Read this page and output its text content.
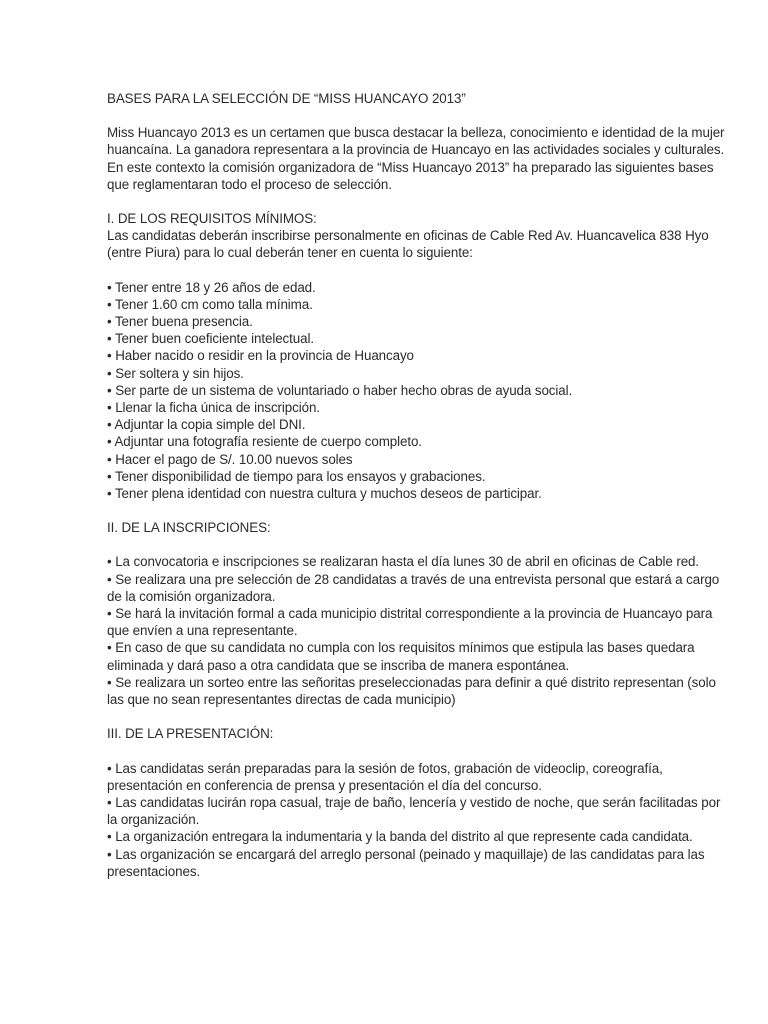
BASES PARA LA SELECCIÓN DE “MISS HUANCAYO 2013”

Miss Huancayo 2013 es un certamen que busca destacar la belleza, conocimiento e identidad de la mujer huancaína. La ganadora representara a la provincia de Huancayo en las actividades sociales y culturales. En este contexto la comisión organizadora de “Miss Huancayo 2013” ha preparado las siguientes bases que reglamentaran todo el proceso de selección.

I. DE LOS REQUISITOS MÍNIMOS:

Las candidatas deberán inscribirse personalmente en oficinas de Cable Red Av. Huancavelica 838 Hyo (entre Piura) para lo cual deberán tener en cuenta lo siguiente:

• Tener entre 18 y 26 años de edad.
• Tener 1.60 cm como talla mínima.
• Tener buena presencia.
• Tener buen coeficiente intelectual.
• Haber nacido o residir en la provincia de Huancayo
• Ser soltera y sin hijos.
• Ser parte de un sistema de voluntariado o haber hecho obras de ayuda social.
• Llenar la ficha única de inscripción.
• Adjuntar la copia simple del DNI.
• Adjuntar una fotografía resiente de cuerpo completo.
• Hacer el pago de S/. 10.00 nuevos soles
• Tener disponibilidad de tiempo para los ensayos y grabaciones.
• Tener plena identidad con nuestra cultura y muchos deseos de participar.
II. DE LA INSCRIPCIONES:
• La convocatoria e inscripciones se realizaran hasta el día lunes 30 de abril en oficinas de Cable red.
• Se realizara una pre selección de 28 candidatas a través de una entrevista personal que estará a cargo de la comisión organizadora.
• Se hará la invitación formal a cada municipio distrital correspondiente a la provincia de Huancayo para que envíen a una representante.
• En caso de que su candidata no cumpla con los requisitos mínimos que estipula las bases quedara eliminada y dará paso a otra candidata que se inscriba de manera espontánea.
• Se realizara un sorteo entre las señoritas preseleccionadas para definir a qué distrito representan (solo las que no sean representantes directas de cada municipio)
III. DE LA PRESENTACIÓN:
• Las candidatas serán preparadas para la sesión de fotos, grabación de videoclip, coreografía, presentación en conferencia de prensa y presentación el día del concurso.
• Las candidatas lucirán ropa casual, traje de baño, lencería y vestido de noche, que serán facilitadas por la organización.
• La organización entregara la indumentaria y la banda del distrito al que represente cada candidata.
• Las organización se encargará del arreglo personal (peinado y maquillaje) de las candidatas para las presentaciones.
